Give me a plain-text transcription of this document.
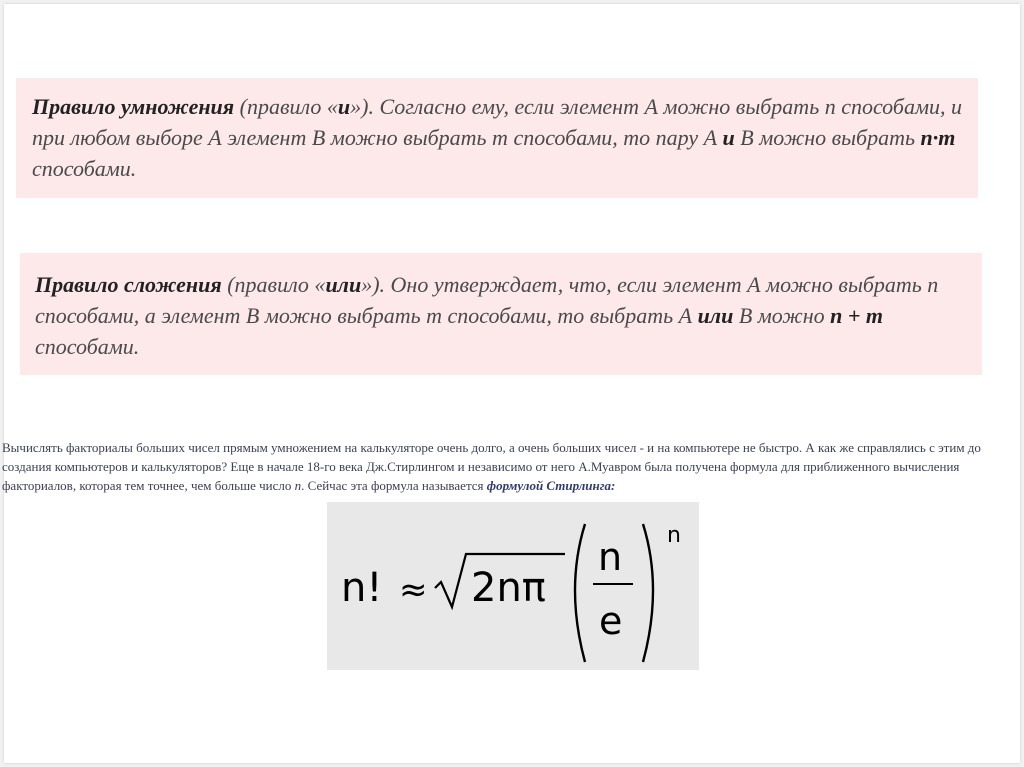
Правило умножения (правило «и»). Согласно ему, если элемент А можно выбрать n способами, и при любом выборе А элемент В можно выбрать m способами, то пару А и В можно выбрать n·m способами.
Правило сложения (правило «или»). Оно утверждает, что, если элемент А можно выбрать n способами, а элемент В можно выбрать m способами, то выбрать А или В можно n + m способами.
Вычислять факториалы больших чисел прямым умножением на калькуляторе очень долго, а очень больших чисел - и на компьютере не быстро. А как же справлялись с этим до создания компьютеров и калькуляторов? Еще в начале 18-го века Дж.Стирлингом и независимо от него А.Муавром была получена формула для приближенного вычисления факториалов, которая тем точнее, чем больше число n. Сейчас эта формула называется формулой Стирлинга:
n! ≈ 2nπ
n
e
n
